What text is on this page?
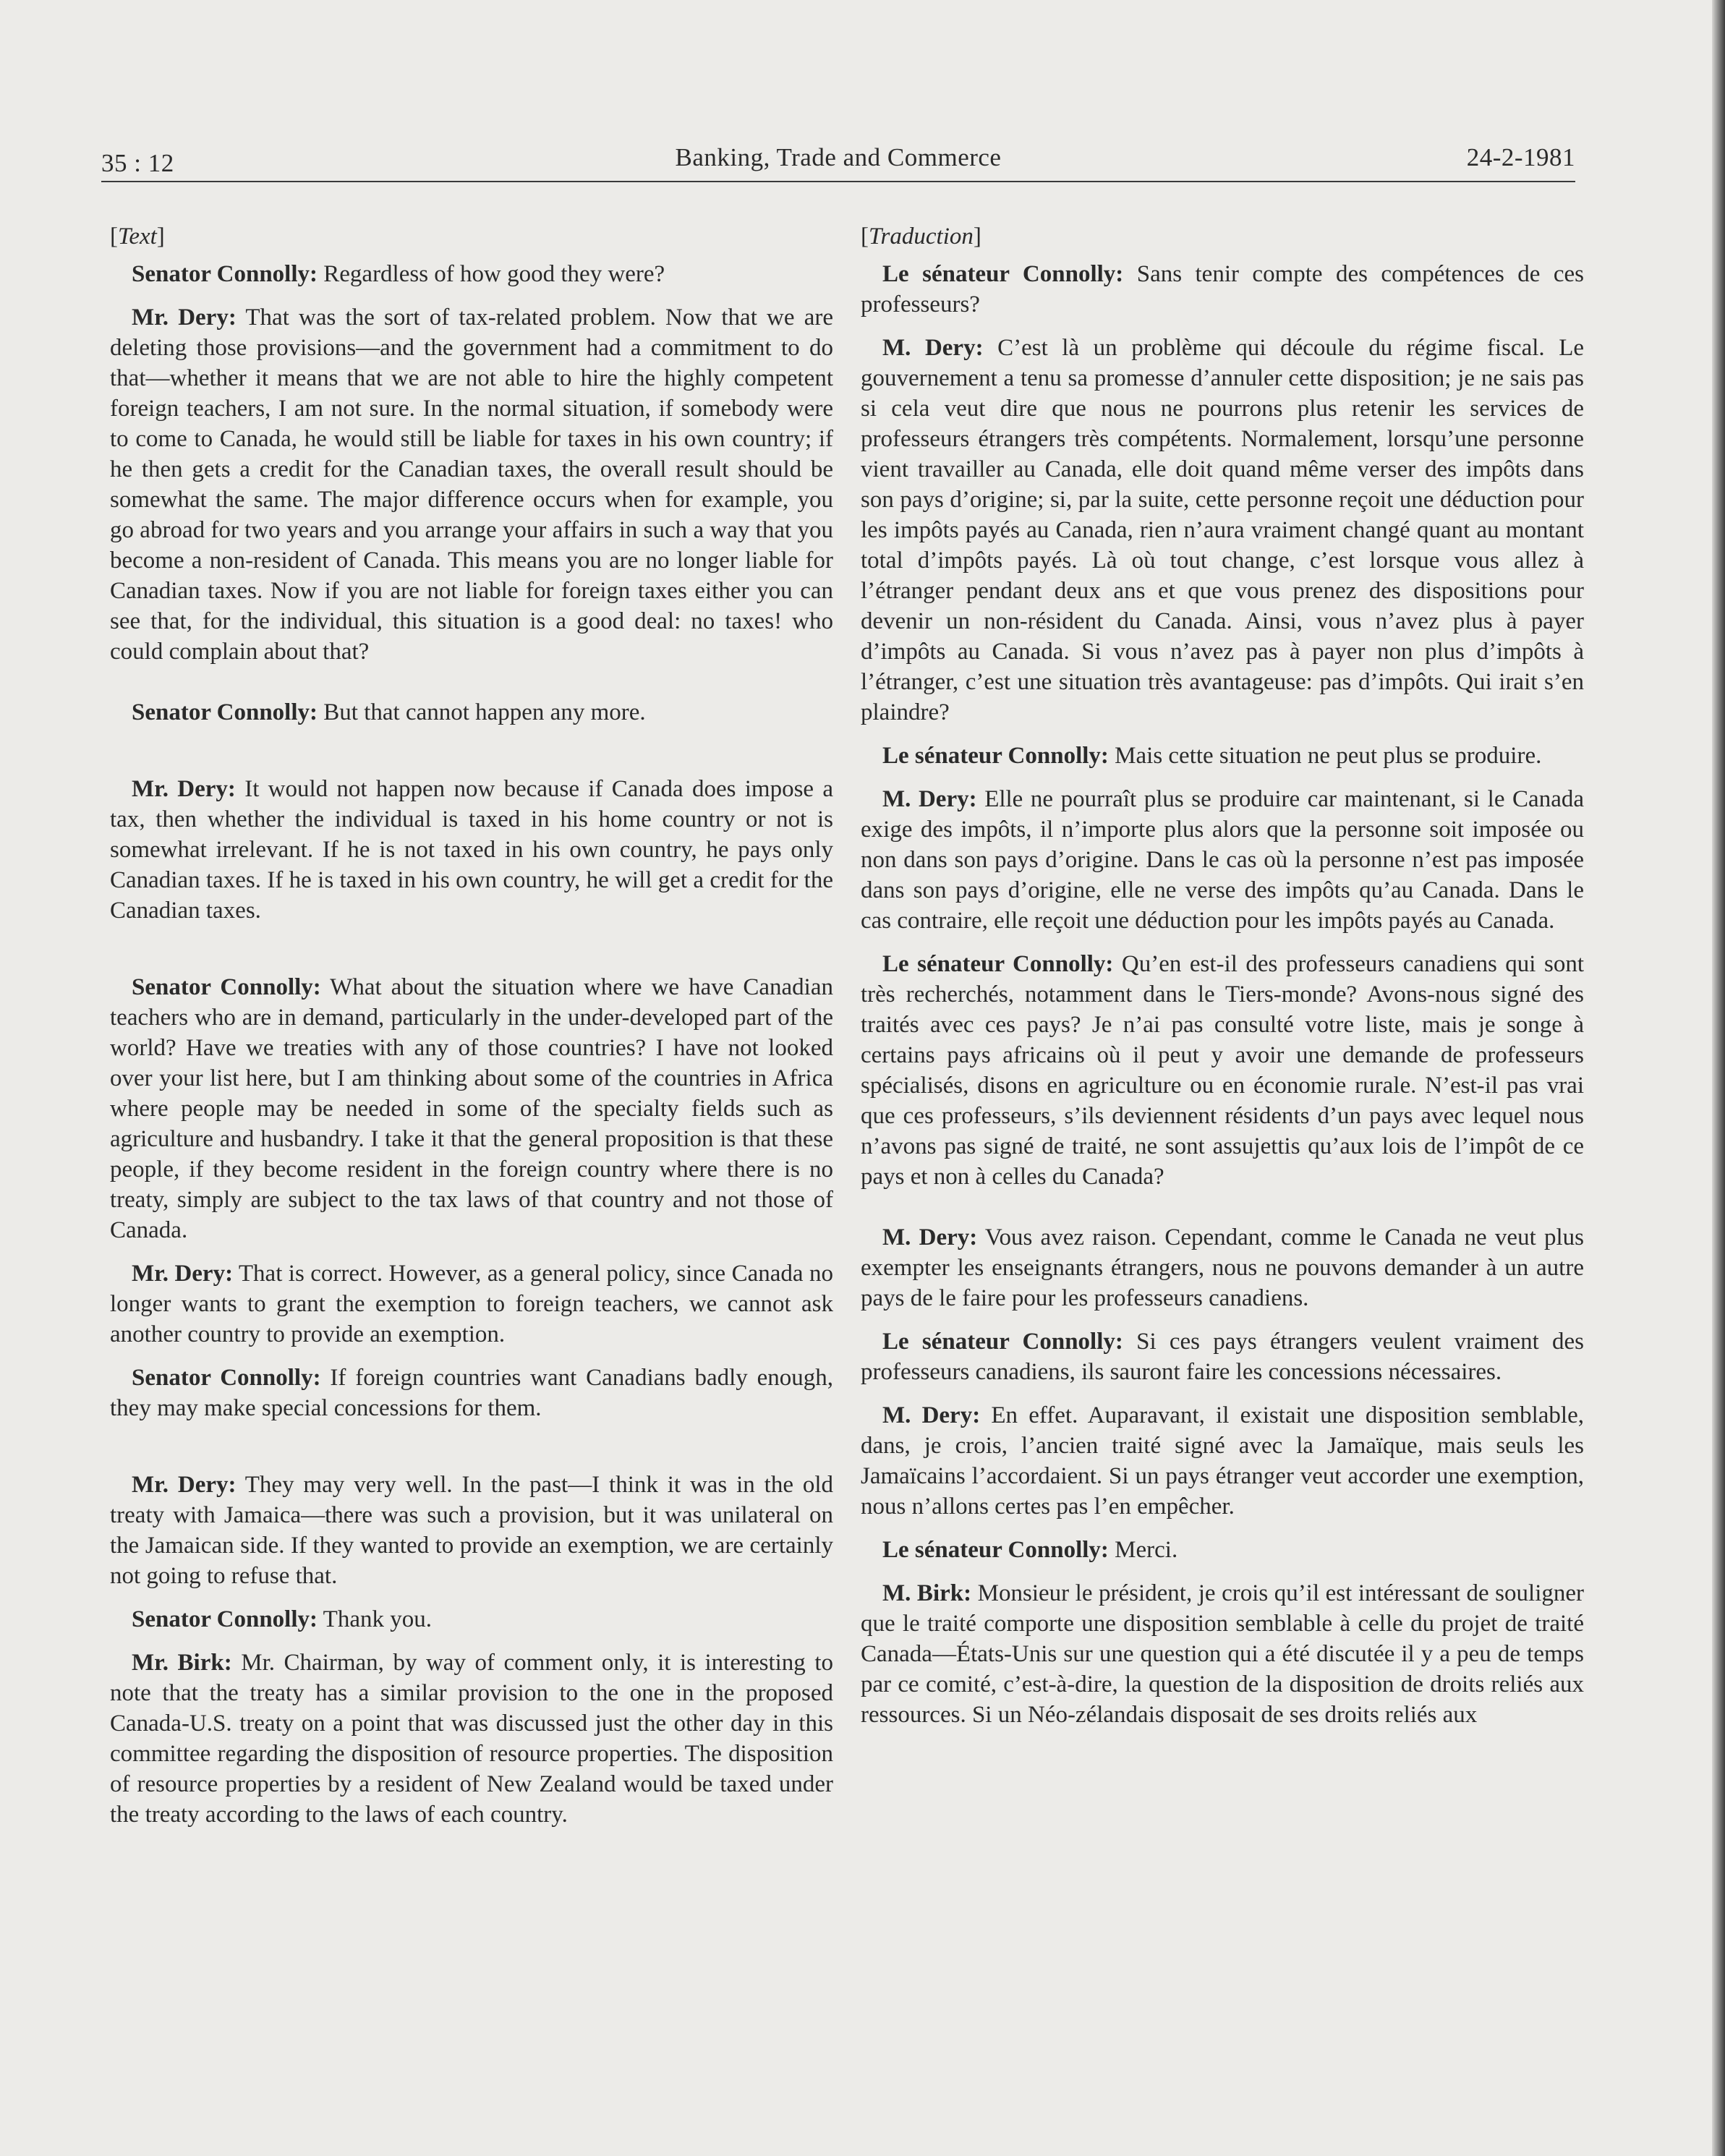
35 : 12	Banking, Trade and Commerce	24-2-1981
[Text]

Senator Connolly: Regardless of how good they were?

Mr. Dery: That was the sort of tax-related problem. Now that we are deleting those provisions—and the government had a commitment to do that—whether it means that we are not able to hire the highly competent foreign teachers, I am not sure. In the normal situation, if somebody were to come to Canada, he would still be liable for taxes in his own country; if he then gets a credit for the Canadian taxes, the overall result should be somewhat the same. The major difference occurs when for example, you go abroad for two years and you arrange your affairs in such a way that you become a non-resident of Canada. This means you are no longer liable for Canadian taxes. Now if you are not liable for foreign taxes either you can see that, for the individual, this situation is a good deal: no taxes! who could complain about that?

Senator Connolly: But that cannot happen any more.

Mr. Dery: It would not happen now because if Canada does impose a tax, then whether the individual is taxed in his home country or not is somewhat irrelevant. If he is not taxed in his own country, he pays only Canadian taxes. If he is taxed in his own country, he will get a credit for the Canadian taxes.

Senator Connolly: What about the situation where we have Canadian teachers who are in demand, particularly in the under-developed part of the world? Have we treaties with any of those countries? I have not looked over your list here, but I am thinking about some of the countries in Africa where people may be needed in some of the specialty fields such as agriculture and husbandry. I take it that the general proposition is that these people, if they become resident in the foreign country where there is no treaty, simply are subject to the tax laws of that country and not those of Canada.

Mr. Dery: That is correct. However, as a general policy, since Canada no longer wants to grant the exemption to foreign teachers, we cannot ask another country to provide an exemption.

Senator Connolly: If foreign countries want Canadians badly enough, they may make special concessions for them.

Mr. Dery: They may very well. In the past—I think it was in the old treaty with Jamaica—there was such a provision, but it was unilateral on the Jamaican side. If they wanted to provide an exemption, we are certainly not going to refuse that.

Senator Connolly: Thank you.

Mr. Birk: Mr. Chairman, by way of comment only, it is interesting to note that the treaty has a similar provision to the one in the proposed Canada-U.S. treaty on a point that was discussed just the other day in this committee regarding the disposition of resource properties. The disposition of resource properties by a resident of New Zealand would be taxed under the treaty according to the laws of each country.

[Traduction]

Le sénateur Connolly: Sans tenir compte des compétences de ces professeurs?

M. Dery: C’est là un problème qui découle du régime fiscal. Le gouvernement a tenu sa promesse d’annuler cette disposition; je ne sais pas si cela veut dire que nous ne pourrons plus retenir les services de professeurs étrangers très compétents. Normalement, lorsqu’une personne vient travailler au Canada, elle doit quand même verser des impôts dans son pays d’origine; si, par la suite, cette personne reçoit une déduction pour les impôts payés au Canada, rien n’aura vraiment changé quant au montant total d’impôts payés. Là où tout change, c’est lorsque vous allez à l’étranger pendant deux ans et que vous prenez des dispositions pour devenir un non-résident du Canada. Ainsi, vous n’avez plus à payer d’impôts au Canada. Si vous n’avez pas à payer non plus d’impôts à l’étranger, c’est une situation très avantageuse: pas d’impôts. Qui irait s’en plaindre?

Le sénateur Connolly: Mais cette situation ne peut plus se produire.

M. Dery: Elle ne pourraît plus se produire car maintenant, si le Canada exige des impôts, il n’importe plus alors que la personne soit imposée ou non dans son pays d’origine. Dans le cas où la personne n’est pas imposée dans son pays d’origine, elle ne verse des impôts qu’au Canada. Dans le cas contraire, elle reçoit une déduction pour les impôts payés au Canada.

Le sénateur Connolly: Qu’en est-il des professeurs canadiens qui sont très recherchés, notamment dans le Tiers-monde? Avons-nous signé des traités avec ces pays? Je n’ai pas consulté votre liste, mais je songe à certains pays africains où il peut y avoir une demande de professeurs spécialisés, disons en agriculture ou en économie rurale. N’est-il pas vrai que ces professeurs, s’ils deviennent résidents d’un pays avec lequel nous n’avons pas signé de traité, ne sont assujettis qu’aux lois de l’impôt de ce pays et non à celles du Canada?

M. Dery: Vous avez raison. Cependant, comme le Canada ne veut plus exempter les enseignants étrangers, nous ne pouvons demander à un autre pays de le faire pour les professeurs canadiens.

Le sénateur Connolly: Si ces pays étrangers veulent vraiment des professeurs canadiens, ils sauront faire les concessions nécessaires.

M. Dery: En effet. Auparavant, il existait une disposition semblable, dans, je crois, l’ancien traité signé avec la Jamaïque, mais seuls les Jamaïcains l’accordaient. Si un pays étranger veut accorder une exemption, nous n’allons certes pas l’en empêcher.

Le sénateur Connolly: Merci.

M. Birk: Monsieur le président, je crois qu’il est intéressant de souligner que le traité comporte une disposition semblable à celle du projet de traité Canada—États-Unis sur une question qui a été discutée il y a peu de temps par ce comité, c’est-à-dire, la question de la disposition de droits reliés aux ressources. Si un Néo-zélandais disposait de ses droits reliés aux
